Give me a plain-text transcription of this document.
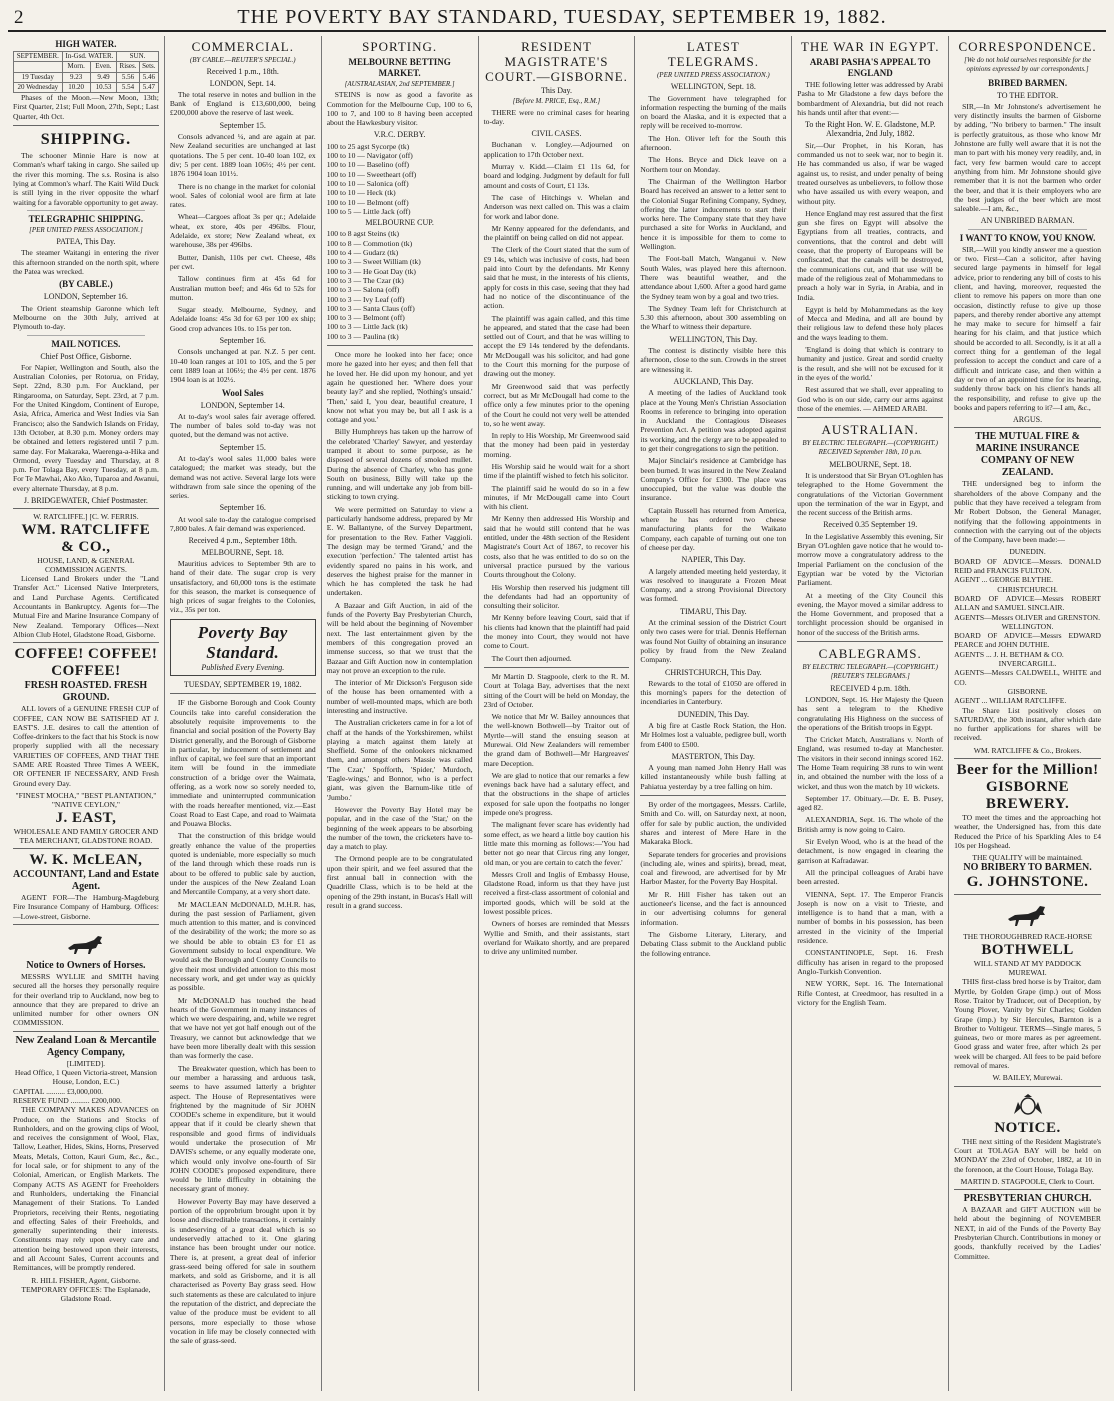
2	THE POVERTY BAY STANDARD, TUESDAY, SEPTEMBER 19, 1882.
HIGH WATER.
SEPTEMBER.	In-Gsd. WATER.		SUN.	
	Morn.	Even.	Rises.	Sets.
19 Tuesday	9.23	9.49	5.56	5.46
20 Wednesday	10.20	10.53	5.54	5.47

Phases of the Moon.—New Moon, 13th; First Quarter, 21st; Full Moon, 27th, Sept.; Last Quarter, 4th Oct.

SHIPPING.

The schooner Minnie Hare is now at Comman's wharf taking in cargo. She sailed up the river this morning. The s.s. Rosina is also lying at Common's wharf. The Kaiti Wild Duck is still lying in the river opposite the wharf waiting for a favorable opportunity to get away.

TELEGRAPHIC SHIPPING.
[PER UNITED PRESS ASSOCIATION.]
PATEA, This Day.

The steamer Waitangi in entering the river this afternoon stranded on the north spit, where the Patea was wrecked.

(BY CABLE.)
LONDON, September 16.

The Orient steamship Garonne which left Melbourne on the 30th July, arrived at Plymouth to-day.

MAIL NOTICES.
Chief Post Office, Gisborne.

For Napier, Wellington and South, also the Australian Colonies, per Rotorua, on Friday, Sept. 22nd, 8.30 p.m. For Auckland, per Ringarooma, on Saturday, Sept. 23rd, at 7 p.m. For the United Kingdom, Continent of Europe, Asia, Africa, America and West Indies via San Francisco; also the Sandwich Islands on Friday, 13th October, at 8.30 p.m. Money orders may be obtained and letters registered until 7 p.m. same day. For Makaraka, Waerenga-a-Hika and Ormond, every Tuesday and Thursday, at 8 p.m. For Tolaga Bay, every Tuesday, at 8 p.m. For Te Mawhai, Ako Ako, Tuparoa and Awanui, every alternate Thursday, at 8 p.m.

J. BRIDGEWATER, Chief Postmaster.
W. RATCLIFFE.] [C. W. FERRIS.
WM. RATCLIFFE & CO.,
HOUSE, LAND, & GENERAL COMMISSION AGENTS.

Licensed Land Brokers under the "Land Transfer Act." Licensed Native Interpreters, and Land Purchase Agents. Certificated Accountants in Bankruptcy. Agents for—The Mutual Fire and Marine Insurance Company of New Zealand. Temporary Offices—Next Albion Club Hotel, Gladstone Road, Gisborne.

COFFEE! COFFEE! COFFEE!
FRESH ROASTED. FRESH GROUND.

ALL lovers of a GENUINE FRESH CUP of COFFEE, CAN NOW BE SATISFIED AT J. EAST'S. J.E. desires to call the attention of Coffee-drinkers to the fact that his Stock is now properly supplied with all the necessary VARIETIES OF COFFEES, AND THAT THE SAME ARE Roasted Three Times A WEEK, OR OFTENER IF NECESSARY, AND Fresh Ground every Day.

"FINEST MOCHA," "BEST PLANTATION," "NATIVE CEYLON,"
J. EAST,
WHOLESALE AND FAMILY GROCER AND TEA MERCHANT, GLADSTONE ROAD.
W. K. McLEAN,
ACCOUNTANT, Land and Estate Agent.

AGENT FOR—The Hamburg-Magdeburg Fire Insurance Company of Hamburg. Offices:—Lowe-street, Gisborne.

Notice to Owners of Horses.

MESSRS WYLLIE and SMITH having secured all the horses they personally require for their overland trip to Auckland, now beg to announce that they are prepared to drive an unlimited number for other owners ON COMMISSION.

New Zealand Loan & Mercantile Agency Company,
[LIMITED].
Head Office, 1 Queen Victoria-street, Mansion House, London, E.C.)
CAPITAL .......... £3,000,000.
RESERVE FUND .......... £200,000.

THE COMPANY MAKES ADVANCES on Produce, on the Stations and Stocks of Runholders, and on the growing clips of Wool, and receives the consignment of Wool, Flax, Tallow, Leather, Hides, Skins, Horns, Preserved Meats, Metals, Cotton, Kauri Gum, &c., &c., for local sale, or for shipment to any of the Colonial, American, or English Markets. The Company ACTS AS AGENT for Freeholders and Runholders, undertaking the Financial Management of their Stations. To Landed Proprietors, receiving their Rents, negotiating and effecting Sales of their Freeholds, and generally superintending their interests. Constituents may rely upon every care and attention being bestowed upon their interests, and all Account Sales, Current accounts and Remittances, will be promptly rendered.

R. HILL FISHER, Agent, Gisborne.
TEMPORARY OFFICES: The Esplanade, Gladstone Road.
COMMERCIAL.
(BY CABLE.—REUTER'S SPECIAL.)
Received 1 p.m., 18th.
LONDON, Sept. 14.

The total reserve in notes and bullion in the Bank of England is £13,600,000, being £200,000 above the reserve of last week.

September 15.

Consols advanced ¼, and are again at par. New Zealand securities are unchanged at last quotations. The 5 per cent. 10-40 loan 102, ex div; 5 per cent. 1889 loan 106½; 4½ per cent. 1876 1904 loan 101½.

There is no change in the market for colonial wool. Sales of colonial wool are firm at late rates.

Wheat—Cargoes afloat 3s per qr.; Adelaide wheat, ex store, 40s per 496lbs. Flour, Adelaide, ex store; New Zealand wheat, ex warehouse, 38s per 496lbs.

Butter, Danish, 110s per cwt. Cheese, 48s per cwt.

Tallow continues firm at 45s 6d for Australian mutton beef; and 46s 6d to 52s for mutton.

Sugar steady. Melbourne, Sydney, and Adelaide loans: 45s 3d for 63 per 100 ex ship; Good crop advances 10s. to 15s per ton.

September 16.

Consols unchanged at par. N.Z. 5 per cent. 10-40 loan ranges at 101 to 105, and the 5 per cent 1889 loan at 106½; the 4½ per cent. 1876 1904 loan is at 102½.

Wool Sales
LONDON, September 14.

At to-day's wool sales fair average offered. The number of bales sold to-day was not quoted, but the demand was not active.

September 15.

At to-day's wool sales 11,000 bales were catalogued; the market was steady, but the demand was not active. Several large lots were withdrawn from sale since the opening of the series.

September 16.

At wool sale to-day the catalogue comprised 7,800 bales. A fair demand was experienced.

Received 4 p.m., September 18th.
MELBOURNE, Sept. 18.

Mauritius advices to September 9th are to hand of their date. The sugar crop is very unsatisfactory, and 60,000 tons is the estimate for this season, the market is consequence of high prices of sugar freights to the Colonies, viz., 35s per ton.

Poverty Bay Standard.
Published Every Evening.
TUESDAY, SEPTEMBER 19, 1882.

IF the Gisborne Borough and Cook County Councils take into careful consideration the absolutely requisite improvements to the financial and social position of the Poverty Bay District generally, and the Borough of Gisborne in particular, by inducement of settlement and influx of capital, we feel sure that an important item will be found in the immediate construction of a bridge over the Waimata, offering, as a work now so sorely needed to, immediate and uninterrupted communication with the roads hereafter mentioned, viz.—East Coast Road to East Cape, and road to Waimata and Pouawa Blocks.

That the construction of this bridge would greatly enhance the value of the properties quoted is undeniable, more especially so much of the land through which these roads run is about to be offered to public sale by auction, under the auspices of the New Zealand Loan and Mercantile Company, at a very short date.

Mr MACLEAN McDONALD, M.H.R. has, during the past session of Parliament, given much attention to this matter, and is convinced of the desirability of the work; the more so as we should be able to obtain £3 for £1 as Government subsidy to local expenditure. We would ask the Borough and County Councils to give their most undivided attention to this most necessary work, and get under way as quickly as possible.

Mr McDONALD has touched the head hearts of the Government in many instances of which we were despairing, and, while we regret that we have not yet got half enough out of the Treasury, we cannot but acknowledge that we have been more liberally dealt with this session than was formerly the case.

The Breakwater question, which has been to our member a harassing and arduous task, seems to have assumed latterly a brighter aspect. The House of Representatives were frightened by the magnitude of Sir JOHN COODE's scheme in expenditure, but it would appear that if it could be clearly shewn that responsible and good firms of individuals would undertake the prosecution of Mr DAVIS's scheme, or any equally moderate one, which would only involve one-fourth of Sir JOHN COODE's proposed expenditure, there would be little difficulty in obtaining the necessary grant of money.

However Poverty Bay may have deserved a portion of the opprobrium brought upon it by loose and discreditable transactions, it certainly is undeserving of a great deal which is so undeservedly attached to it. One glaring instance has been brought under our notice. There is, at present, a great deal of inferior grass-seed being offered for sale in southern markets, and sold as Grisborne, and it is all characterised as Poverty Bay grass seed. How such statements as these are calculated to injure the reputation of the district, and depreciate the value of the produce must be evident to all persons, more especially to those whose vocation in life may be closely connected with the sale of grass-seed.

SPORTING.
MELBOURNE BETTING MARKET.
[AUSTRALASIAN, 2nd SEPTEMBER.]

STEINS is now as good a favorite as Commotion for the Melbourne Cup, 100 to 6, 100 to 7, and 100 to 8 having been accepted about the Hawkesbury visitor.

V.R.C. DERBY.
100 to 25 agst Sycorpe (tk)
100 to 10 — Navigator (off)
100 to 10 — Baselino (off)
100 to 10 — Sweetheart (off)
100 to 10 — Salonica (off)
100 to 10 — Heck (tk)
100 to 10 — Belmont (off)
100 to 5 — Little Jack (off)
MELBOURNE CUP.
100 to 8 agst Steins (tk)
100 to 8 — Commotion (tk)
100 to 4 — Gudarz (tk)
100 to 3 — Sweet William (tk)
100 to 3 — He Goat Day (tk)
100 to 3 — The Czar (tk)
100 to 3 — Salona (off)
100 to 3 — Ivy Leaf (off)
100 to 3 — Santa Claus (off)
100 to 3 — Belmont (off)
100 to 3 — Little Jack (tk)
100 to 3 — Paulina (tk)

Once more he looked into her face; once more he gazed into her eyes; and then fell that he loved her. He did upon my honour, and yet again he questioned her. 'Where does your beauty lay?' and she replied, 'Nothing's unsaid.' 'Then,' said I, 'you dear, beautiful creature, I know not what you may be, but all I ask is a cottage and you.'

Billy Humphreys has taken up the harrow of the celebrated 'Charley' Sawyer, and yesterday tramped it about to some purpose, as he disposed of several dozens of smoked mullet. During the absence of Charley, who has gone South on business, Billy will take up the running, and will undertake any job from bill-sticking to town crying.

We were permitted on Saturday to view a particularly handsome address, prepared by Mr E. W. Ballantyne, of the Survey Department, for presentation to the Rev. Father Vaggioli. The design may be termed 'Grand,' and the execution 'perfection.' The talented artist has evidently spared no pains in his work, and deserves the highest praise for the manner in which he has completed the task he had undertaken.

A Bazaar and Gift Auction, in aid of the funds of the Poverty Bay Presbyterian Church, will be held about the beginning of November next. The last entertainment given by the members of this congregation proved an immense success, so that we trust that the Bazaar and Gift Auction now in contemplation may not prove an exception to the rule.

The interior of Mr Dickson's Ferguson side of the house has been ornamented with a number of well-mounted maps, which are both interesting and instructive.

The Australian cricketers came in for a lot of chaff at the hands of the Yorkshiremen, whilst playing a match against them lately at Sheffield. Some of the onlookers nicknamed them, and amongst others Massie was called 'The Czar,' Spofforth, 'Spider,' Murdoch, 'Eagle-wings,' and Bonnor, who is a perfect giant, was given the Barnum-like title of 'Jumbo.'

However the Poverty Bay Hotel may be popular, and in the case of the 'Star,' on the beginning of the week appears to be absorbing the number of the town, the cricketers have to-day a match to play.

The Ormond people are to be congratulated upon their spirit, and we feel assured that the first annual ball in connection with the Quadrille Class, which is to be held at the opening of the 29th instant, in Bucas's Hall will result in a grand success.

RESIDENT MAGISTRATE'S COURT.—GISBORNE.
This Day.
[Before M. PRICE, Esq., R.M.]

THERE were no criminal cases for hearing to-day.

CIVIL CASES.

Buchanan v. Longley.—Adjourned on application to 17th October next.

Murray v. Kidd.—Claim £1 11s 6d, for board and lodging. Judgment by default for full amount and costs of Court, £1 13s.

The case of Hitchings v. Whelan and Anderson was next called on. This was a claim for work and labor done.

Mr Kenny appeared for the defendants, and the plaintiff on being called on did not appear.

The Clerk of the Court stated that the sum of £9 14s, which was inclusive of costs, had been paid into Court by the defendants. Mr Kenny said that he must, in the interests of his clients, apply for costs in this case, seeing that they had had no notice of the discontinuance of the action.

The plaintiff was again called, and this time he appeared, and stated that the case had been settled out of Court, and that he was willing to accept the £9 14s tendered by the defendants. Mr McDougall was his solicitor, and had gone to the Court this morning for the purpose of drawing out the money.

Mr Greenwood said that was perfectly correct, but as Mr McDougall had come to the office only a few minutes prior to the opening of the Court he could not very well be attended to, so he went away.

In reply to His Worship, Mr Greenwood said that the money had been paid in yesterday morning.

His Worship said he would wait for a short time if the plaintiff wished to fetch his solicitor.

The plaintiff said he would do so in a few minutes, if Mr McDougall came into Court with his client.

Mr Kenny then addressed His Worship and said that he would still contend that he was entitled, under the 48th section of the Resident Magistrate's Court Act of 1867, to recover his costs, also that he was entitled to do so on the universal practice pursued by the various Courts throughout the Colony.

His Worship then reserved his judgment till the defendants had had an opportunity of consulting their solicitor.

Mr Kenny before leaving Court, said that if his clients had known that the plaintiff had paid the money into Court, they would not have come to Court.

The Court then adjourned.

Mr Martin D. Stagpoole, clerk to the R. M. Court at Tolaga Bay, advertises that the next sitting of the Court will be held on Monday, the 23rd of October.

We notice that Mr W. Bailey announces that the well-known Bothwell—by Traitor out of Myrtle—will stand the ensuing season at Murewai. Old New Zealanders will remember the grand dam of Bothwell—Mr Hargreaves' mare Deception.

We are glad to notice that our remarks a few evenings back have had a salutary effect, and that the obstructions in the shape of articles exposed for sale upon the footpaths no longer impede one's progress.

The malignant fever scare has evidently had some effect, as we heard a little boy caution his little mate this morning as follows:—'You had better not go near that Circus ring any longer, old man, or you are certain to catch the fever.'

Messrs Croll and Inglis of Embassy House, Gladstone Road, inform us that they have just received a first-class assortment of colonial and imported goods, which will be sold at the lowest possible prices.

Owners of horses are reminded that Messrs Wyllie and Smith, and their assistants, start overland for Waikato shortly, and are prepared to drive any unlimited number.

LATEST TELEGRAMS.
(PER UNITED PRESS ASSOCIATION.)
WELLINGTON, Sept. 18.

The Government have telegraphed for information respecting the burning of the mails on board the Alaska, and it is expected that a reply will be received to-morrow.

The Hon. Oliver left for the South this afternoon.

The Hons. Bryce and Dick leave on a Northern tour on Monday.

The Chairman of the Wellington Harbor Board has received an answer to a letter sent to the Colonial Sugar Refining Company, Sydney, offering the latter inducements to start their works here. The Company state that they have purchased a site for Works in Auckland, and hence it is impossible for them to come to Wellington.

The Foot-ball Match, Wanganui v. New South Wales, was played here this afternoon. There was beautiful weather, and the attendance about 1,600. After a good hard game the Sydney team won by a goal and two tries.

The Sydney Team left for Christchurch at 5.30 this afternoon, about 300 assembling on the Wharf to witness their departure.

WELLINGTON, This Day.

The contest is distinctly visible here this afternoon, close to the sun. Crowds in the street are witnessing it.

AUCKLAND, This Day.

A meeting of the ladies of Auckland took place at the Young Men's Christian Association Rooms in reference to bringing into operation in Auckland the Contagious Diseases Prevention Act. A petition was adopted against its working, and the clergy are to be appealed to to get their congregations to sign the petition.

Major Sinclair's residence at Cambridge has been burned. It was insured in the New Zealand Company's Office for £300. The place was unoccupied, but the value was double the insurance.

Captain Russell has returned from America, where he has ordered two cheese manufacturing plants for the Waikato Company, each capable of turning out one ton of cheese per day.

NAPIER, This Day.

A largely attended meeting held yesterday, it was resolved to inaugurate a Frozen Meat Company, and a strong Provisional Directory was formed.

TIMARU, This Day.

At the criminal session of the District Court only two cases were for trial. Dennis Heffernan was found Not Guilty of obtaining an insurance policy by fraud from the New Zealand Company.

CHRISTCHURCH, This Day.

Rewards to the total of £1050 are offered in this morning's papers for the detection of incendiaries in Canterbury.

DUNEDIN, This Day.

A big fire at Castle Rock Station, the Hon. Mr Holmes lost a valuable, pedigree bull, worth from £400 to £500.

MASTERTON, This Day.

A young man named John Henry Hall was killed instantaneously while bush falling at Pahiatua yesterday by a tree falling on him.

By order of the mortgagees, Messrs. Carlile, Smith and Co. will, on Saturday next, at noon, offer for sale by public auction, the undivided shares and interest of Mere Hare in the Makaraka Block.

Separate tenders for groceries and provisions (including ale, wines and spirits), bread, meat, coal and firewood, are advertised for by Mr Harbor Master, for the Poverty Bay Hospital.

Mr R. Hill Fisher has taken out an auctioneer's license, and the fact is announced in our advertising columns for general information.

The Gisborne Literary, Literary, and Debating Class submit to the Auckland public the following entrance.

THE WAR IN EGYPT.
ARABI PASHA'S APPEAL TO ENGLAND

THE following letter was addressed by Arabi Pasha to Mr Gladstone a few days before the bombardment of Alexandria, but did not reach his hands until after that event:—

To the Right Hon. W. E. Gladstone, M.P. Alexandria, 2nd July, 1882.

Sir,—Our Prophet, in his Koran, has commanded us not to seek war, nor to begin it. He has commanded us also, if war be waged against us, to resist, and under penalty of being treated ourselves as unbelievers, to follow those who have assailed us with every weapon, and without pity.

Hence England may rest assured that the first gun she fires on Egypt will absolve the Egyptians from all treaties, contracts, and conventions, that the control and debt will cease, that the property of Europeans will be confiscated, that the canals will be destroyed, the communications cut, and that use will be made of the religious zeal of Mohammedans to preach a holy war in Syria, in Arabia, and in India.

Egypt is held by Mohammedans as the key of Mecca and Medina, and all are bound by their religious law to defend these holy places and the ways leading to them.

'England is doing that which is contrary to humanity and justice. Great and sordid cruelty is the result, and she will not be excused for it in the eyes of the world.'

Rest assured that we shall, ever appealing to God who is on our side, carry our arms against those of the enemies. — AHMED ARABI.

AUSTRALIAN.
BY ELECTRIC TELEGRAPH.—(COPYRIGHT.) RECEIVED September 18th, 10 p.m.
MELBOURNE, Sept. 18.

It is understood that Sir Bryan O'Loghlen has telegraphed to the Home Government the congratulations of the Victorian Government upon the termination of the war in Egypt, and the recent success of the British arms.

Received 0.35 September 19.

In the Legislative Assembly this evening, Sir Bryan O'Loghlen gave notice that he would to-morrow move a congratulatory address to the Imperial Parliament on the conclusion of the Egyptian war be voted by the Victorian Parliament.

At a meeting of the City Council this evening, the Mayor moved a similar address to the Home Government, and proposed that a torchlight procession should be organised in honor of the success of the British arms.

CABLEGRAMS.
BY ELECTRIC TELEGRAPH.—(COPYRIGHT.) [REUTER'S TELEGRAMS.]
RECEIVED 4 p.m. 18th.

LONDON, Sept. 16. Her Majesty the Queen has sent a telegram to the Khedive congratulating His Highness on the success of the operations of the British troops in Egypt.

The Cricket Match, Australians v. North of England, was resumed to-day at Manchester. The visitors in their second innings scored 162. The Home Team requiring 38 runs to win went in, and obtained the number with the loss of a wicket, and thus won the match by 10 wickets.

September 17. Obituary.—Dr. E. B. Pusey, aged 82.

ALEXANDRIA, Sept. 16. The whole of the British army is now going to Cairo.

Sir Evelyn Wood, who is at the head of the detachment, is now engaged in clearing the garrison at Kafradawar.

All the principal colleagues of Arabi have been arrested.

VIENNA, Sept. 17. The Emperor Francis Joseph is now on a visit to Trieste, and intelligence is to hand that a man, with a number of bombs in his possession, has been arrested in the vicinity of the Imperial residence.

CONSTANTINOPLE, Sept. 16. Fresh difficulty has arisen in regard to the proposed Anglo-Turkish Convention.

NEW YORK, Sept. 16. The International Rifle Contest, at Creedmoor, has resulted in a victory for the English Team.

CORRESPONDENCE.
[We do not hold ourselves responsible for the opinions expressed by our correspondents.]
BRIBED BARMEN.
TO THE EDITOR.

SIR,—In Mr Johnstone's advertisement he very distinctly insults the barmen of Gisborne by adding, "No bribery to barmen." The insult is perfectly gratuitous, as those who know Mr Johnstone are fully well aware that it is not the man to part with his money very readily, and, in fact, very few barmen would care to accept anything from him. Mr Johnstone should give remember that it is not the barmen who order the beer, and that it is their employers who are the best judges of the beer which are most saleable.—I am, &c.,

AN UNBRIBED BARMAN.
I WANT TO KNOW, YOU KNOW.

SIR,—Will you kindly answer me a question or two. First—Can a solicitor, after having secured large payments in himself for legal advice, prior to rendering any bill of costs to his client, and having, moreover, requested the client to remove his papers on more than one occasion, distinctly refuse to give up those papers, and thereby render abortive any attempt he may make to secure for himself a fair hearing for his claim, and that justice which should be accorded to all. Secondly, is it at all a correct thing for a gentleman of the legal profession to accept the conduct and care of a difficult and intricate case, and then within a day or two of an appointed time for its hearing, suddenly throw back on his client's hands all the responsibility, and refuse to give up the books and papers referring to it?—I am, &c.,

ARGUS.
THE MUTUAL FIRE & MARINE INSURANCE COMPANY OF NEW ZEALAND.

THE undersigned beg to inform the shareholders of the above Company and the public that they have received a telegram from Mr Robert Dobson, the General Manager, notifying that the following appointments in connection with the carrying out of the objects of the Company, have been made:—

DUNEDIN.
BOARD OF ADVICE—Messrs. DONALD REID and FRANCIS FULTON.
AGENT ... GEORGE BLYTHE.
CHRISTCHURCH.
BOARD OF ADVICE—Messrs ROBERT ALLAN and SAMUEL SINCLAIR.
AGENTS—Messrs OLIVER and GRENSTON.
WELLINGTON.
BOARD OF ADVICE—Messrs EDWARD PEARCE and JOHN DUTHIE.
AGENTS ... J. H. BETHAM & CO.
INVERCARGILL.
AGENTS—Messrs CALDWELL, WHITE and CO.
GISBORNE.
AGENT ... WILLIAM RATCLIFFE.

The Share List positively closes on SATURDAY, the 30th instant, after which date no further applications for shares will be received.

WM. RATCLIFFE & Co., Brokers.
Beer for the Million!
GISBORNE BREWERY.

TO meet the times and the approaching hot weather, the Undersigned has, from this date Reduced the Price of his Sparkling Ales to £4 10s per Hogshead.

THE QUALITY will be maintained.
NO BRIBERY TO BARMEN.
G. JOHNSTONE.
THE THOROUGHBRED RACE-HORSE
BOTHWELL
WILL STAND AT MY PADDOCK MUREWAI.

THIS first-class bred horse is by Traitor, dam Myrtle, by Golden Grape (imp.) out of Moss Rose. Traitor by Traducer, out of Deception, by Young Plover, Vanity by Sir Charles; Golden Grape (imp.) by Sir Hercules, Barnton is a Brother to Voltigeur. TERMS—Single mares, 5 guineas, two or more mares as per agreement. Good grass and water free, after which 2s per week will be charged. All fees to be paid before removal of mares.

W. BAILEY, Murewai.
NOTICE.

THE next sitting of the Resident Magistrate's Court at TOLAGA BAY will be held on MONDAY the 23rd of October, 1882, at 10 in the forenoon, at the Court House, Tolaga Bay.

MARTIN D. STAGPOOLE, Clerk to Court.
PRESBYTERIAN CHURCH.

A BAZAAR and GIFT AUCTION will be held about the beginning of NOVEMBER NEXT, in aid of the Funds of the Poverty Bay Presbyterian Church. Contributions in money or goods, thankfully received by the Ladies' Committee.
